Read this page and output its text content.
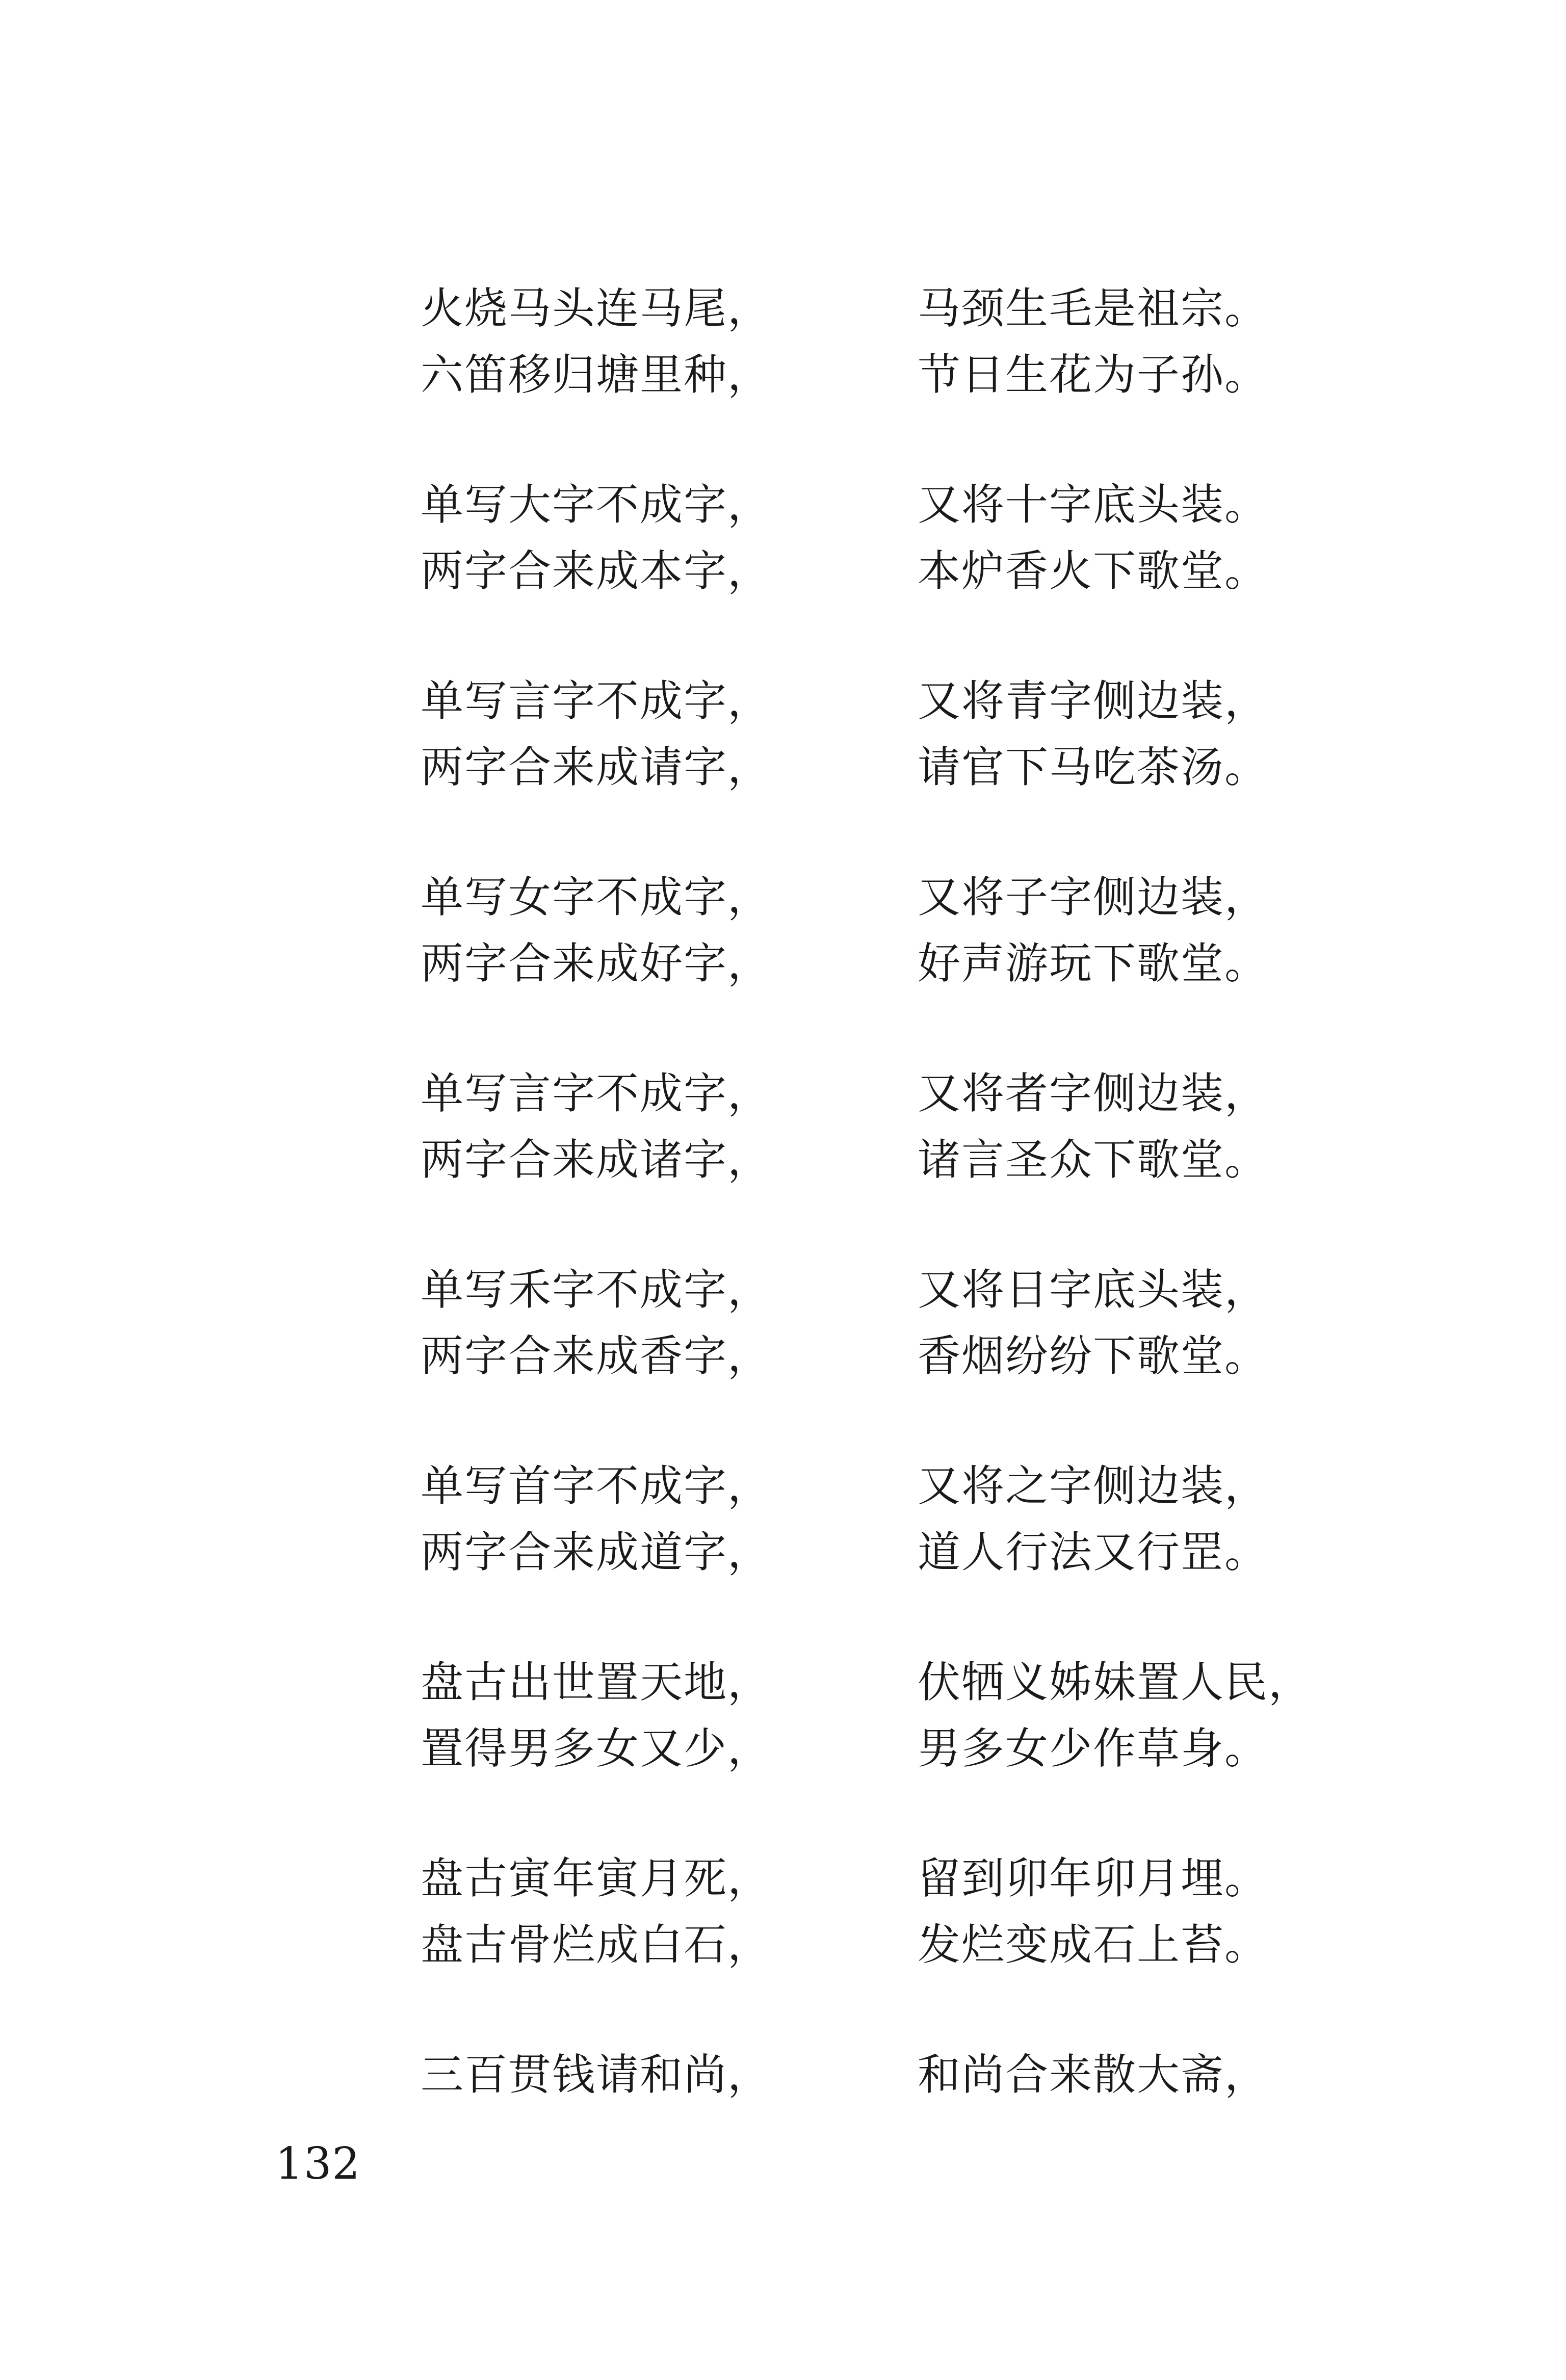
火烧马头连马尾，	马颈生毛是祖宗。
六笛移归塘里种，	节日生花为子孙。
单写大字不成字，	又将十字底头装。
两字合来成本字，	本炉香火下歌堂。
单写言字不成字，	又将青字侧边装，
两字合来成请字，	请官下马吃茶汤。
单写女字不成字，	又将子字侧边装，
两字合来成好字，	好声游玩下歌堂。
单写言字不成字，	又将者字侧边装，
两字合来成诸字，	诸言圣众下歌堂。
单写禾字不成字，	又将日字底头装，
两字合来成香字，	香烟纷纷下歌堂。
单写首字不成字，	又将之字侧边装，
两字合来成道字，	道人行法又行罡。
盘古出世置天地，	伏牺义姊妹置人民，
置得男多女又少，	男多女少作草身。
盘古寅年寅月死，	留到卯年卯月埋。
盘古骨烂成白石，	发烂变成石上苔。
三百贯钱请和尚，	和尚合来散大斋，
132
